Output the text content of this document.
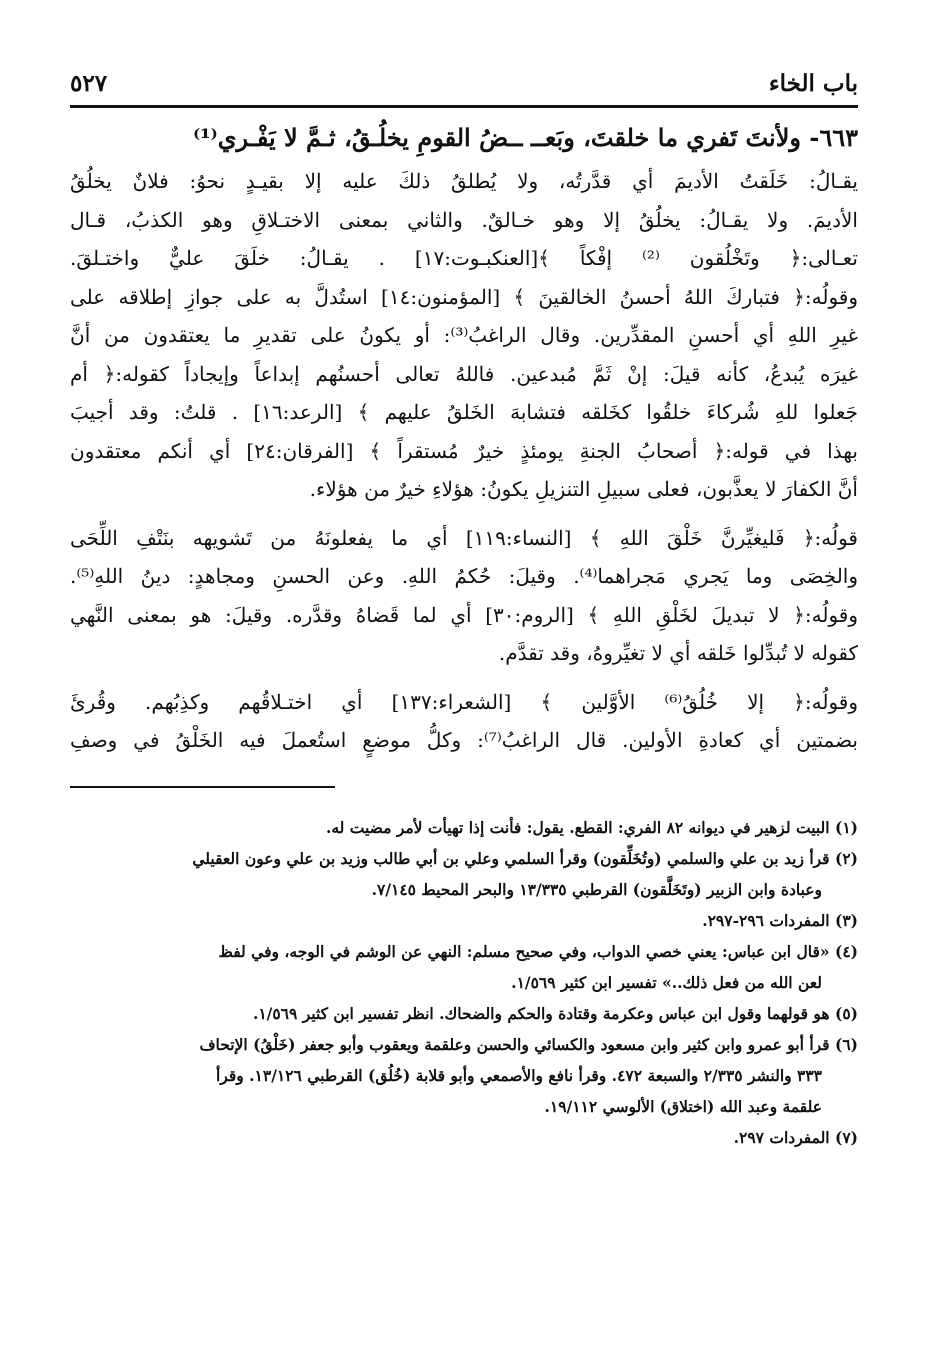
باب الخاء
٥٢٧
٦٦٣- ولأنتَ تَفري ما خلقتَ، وبَعــ ــضُ القومِ يخلُـقُ، ثـمَّ لا يَفْـري⁽¹⁾
يقـالُ: خَلَقتُ الأديمَ أي قدَّرتُه، ولا يُطلقُ ذلكَ عليه إلا بقيـدٍ نحوُ: فلانٌ يخلُقُ
الأديمَ. ولا يقـالُ: يخلُقُ إلا وهو خـالقٌ. والثاني بمعنى الاختـلاقِ وهو الكذبُ، قـال
تعـالى:﴿ وتَخْلُقون ⁽²⁾ إفْكاً ﴾[العنكبـوت:١٧] . يقـالُ: خلَقَ عليٌّ واختـلقَ.
وقولُه:﴿ فتباركَ اللهُ أحسنُ الخالقينَ ﴾ [المؤمنون:١٤] استُدلَّ به على جوازِ إطلاقه على
غيرِ اللهِ أي أحسنِ المقدِّرين. وقال الراغبُ⁽³⁾: أو يكونُ على تقديرِ ما يعتقدون من أنَّ
غيرَه يُبدعُ، كأنه قيلَ: إنْ ثَمَّ مُبدعين. فاللهُ تعالى أحسنُهم إبداعاً وإيجاداً كقوله:﴿ أم
جَعلوا للهِ شُركاءَ خلقُوا كخَلقه فتشابهَ الخَلقُ عليهم ﴾ [الرعد:١٦] . قلتُ: وقد أجيبَ
بهذا في قوله:﴿ أصحابُ الجنةِ يومئذٍ خيرٌ مُستقراً ﴾ [الفرقان:٢٤] أي أنكم معتقدون
أنَّ الكفارَ لا يعذَّبون، فعلى سبيلِ التنزيلِ يكونُ: هؤلاءِ خيرٌ من هؤلاء.
قولُه:﴿ فَليغيِّرنَّ خَلْقَ اللهِ ﴾ [النساء:١١٩] أي ما يفعلونَهُ من تَشويهه بنَتْفِ اللِّحَى
والخِصَى وما يَجري مَجراهما⁽⁴⁾. وقيلَ: حُكمُ اللهِ. وعن الحسنِ ومجاهدٍ: دينُ اللهِ⁽⁵⁾.
وقولُه:﴿ لا تبديلَ لخَلْقِ اللهِ ﴾ [الروم:٣٠] أي لما قَضاهُ وقدَّره. وقيلَ: هو بمعنى النَّهي
كقوله لا تُبدِّلوا خَلقه أي لا تغيِّروهُ، وقد تقدَّم.
وقولُه:﴿ إلا خُلُقُ⁽⁶⁾ الأوَّلين ﴾ [الشعراء:١٣٧] أي اختـلاقُهم وكذِبُهم. وقُرئَ
بضمتين أي كعادةِ الأولين. قال الراغبُ⁽⁷⁾: وكلُّ موضعٍ استُعملَ فيه الخَلْقُ في وصفِ
(١) البيت لزهير في ديوانه ٨٢ الفري: القطع. يقول: فأنت إذا تهيأت لأمر مضيت له.
(٢) قرأ زيد بن علي والسلمي (وتُخَلِّقون) وقرأ السلمي وعلي بن أبي طالب وزيد بن علي وعون العقيلي
وعبادة وابن الزبير (وتَخَلَّقون) القرطبي ١٣/٣٣٥ والبحر المحيط ٧/١٤٥.
(٣) المفردات ٢٩٦-٢٩٧.
(٤) «قال ابن عباس: يعني خصي الدواب، وفي صحيح مسلم: النهي عن الوشم في الوجه، وفي لفظ
لعن الله من فعل ذلك..» تفسير ابن كثير ١/٥٦٩.
(٥) هو قولهما وقول ابن عباس وعكرمة وقتادة والحكم والضحاك. انظر تفسير ابن كثير ١/٥٦٩.
(٦) قرأ أبو عمرو وابن كثير وابن مسعود والكسائي والحسن وعلقمة ويعقوب وأبو جعفر (خَلْقُ) الإتحاف
٣٣٣ والنشر ٢/٣٣٥ والسبعة ٤٧٢. وقرأ نافع والأصمعي وأبو قلابة (خُلُق) القرطبي ١٣/١٢٦. وقرأ
علقمة وعبد الله (اختلاق) الألوسي ١٩/١١٢.
(٧) المفردات ٢٩٧.
